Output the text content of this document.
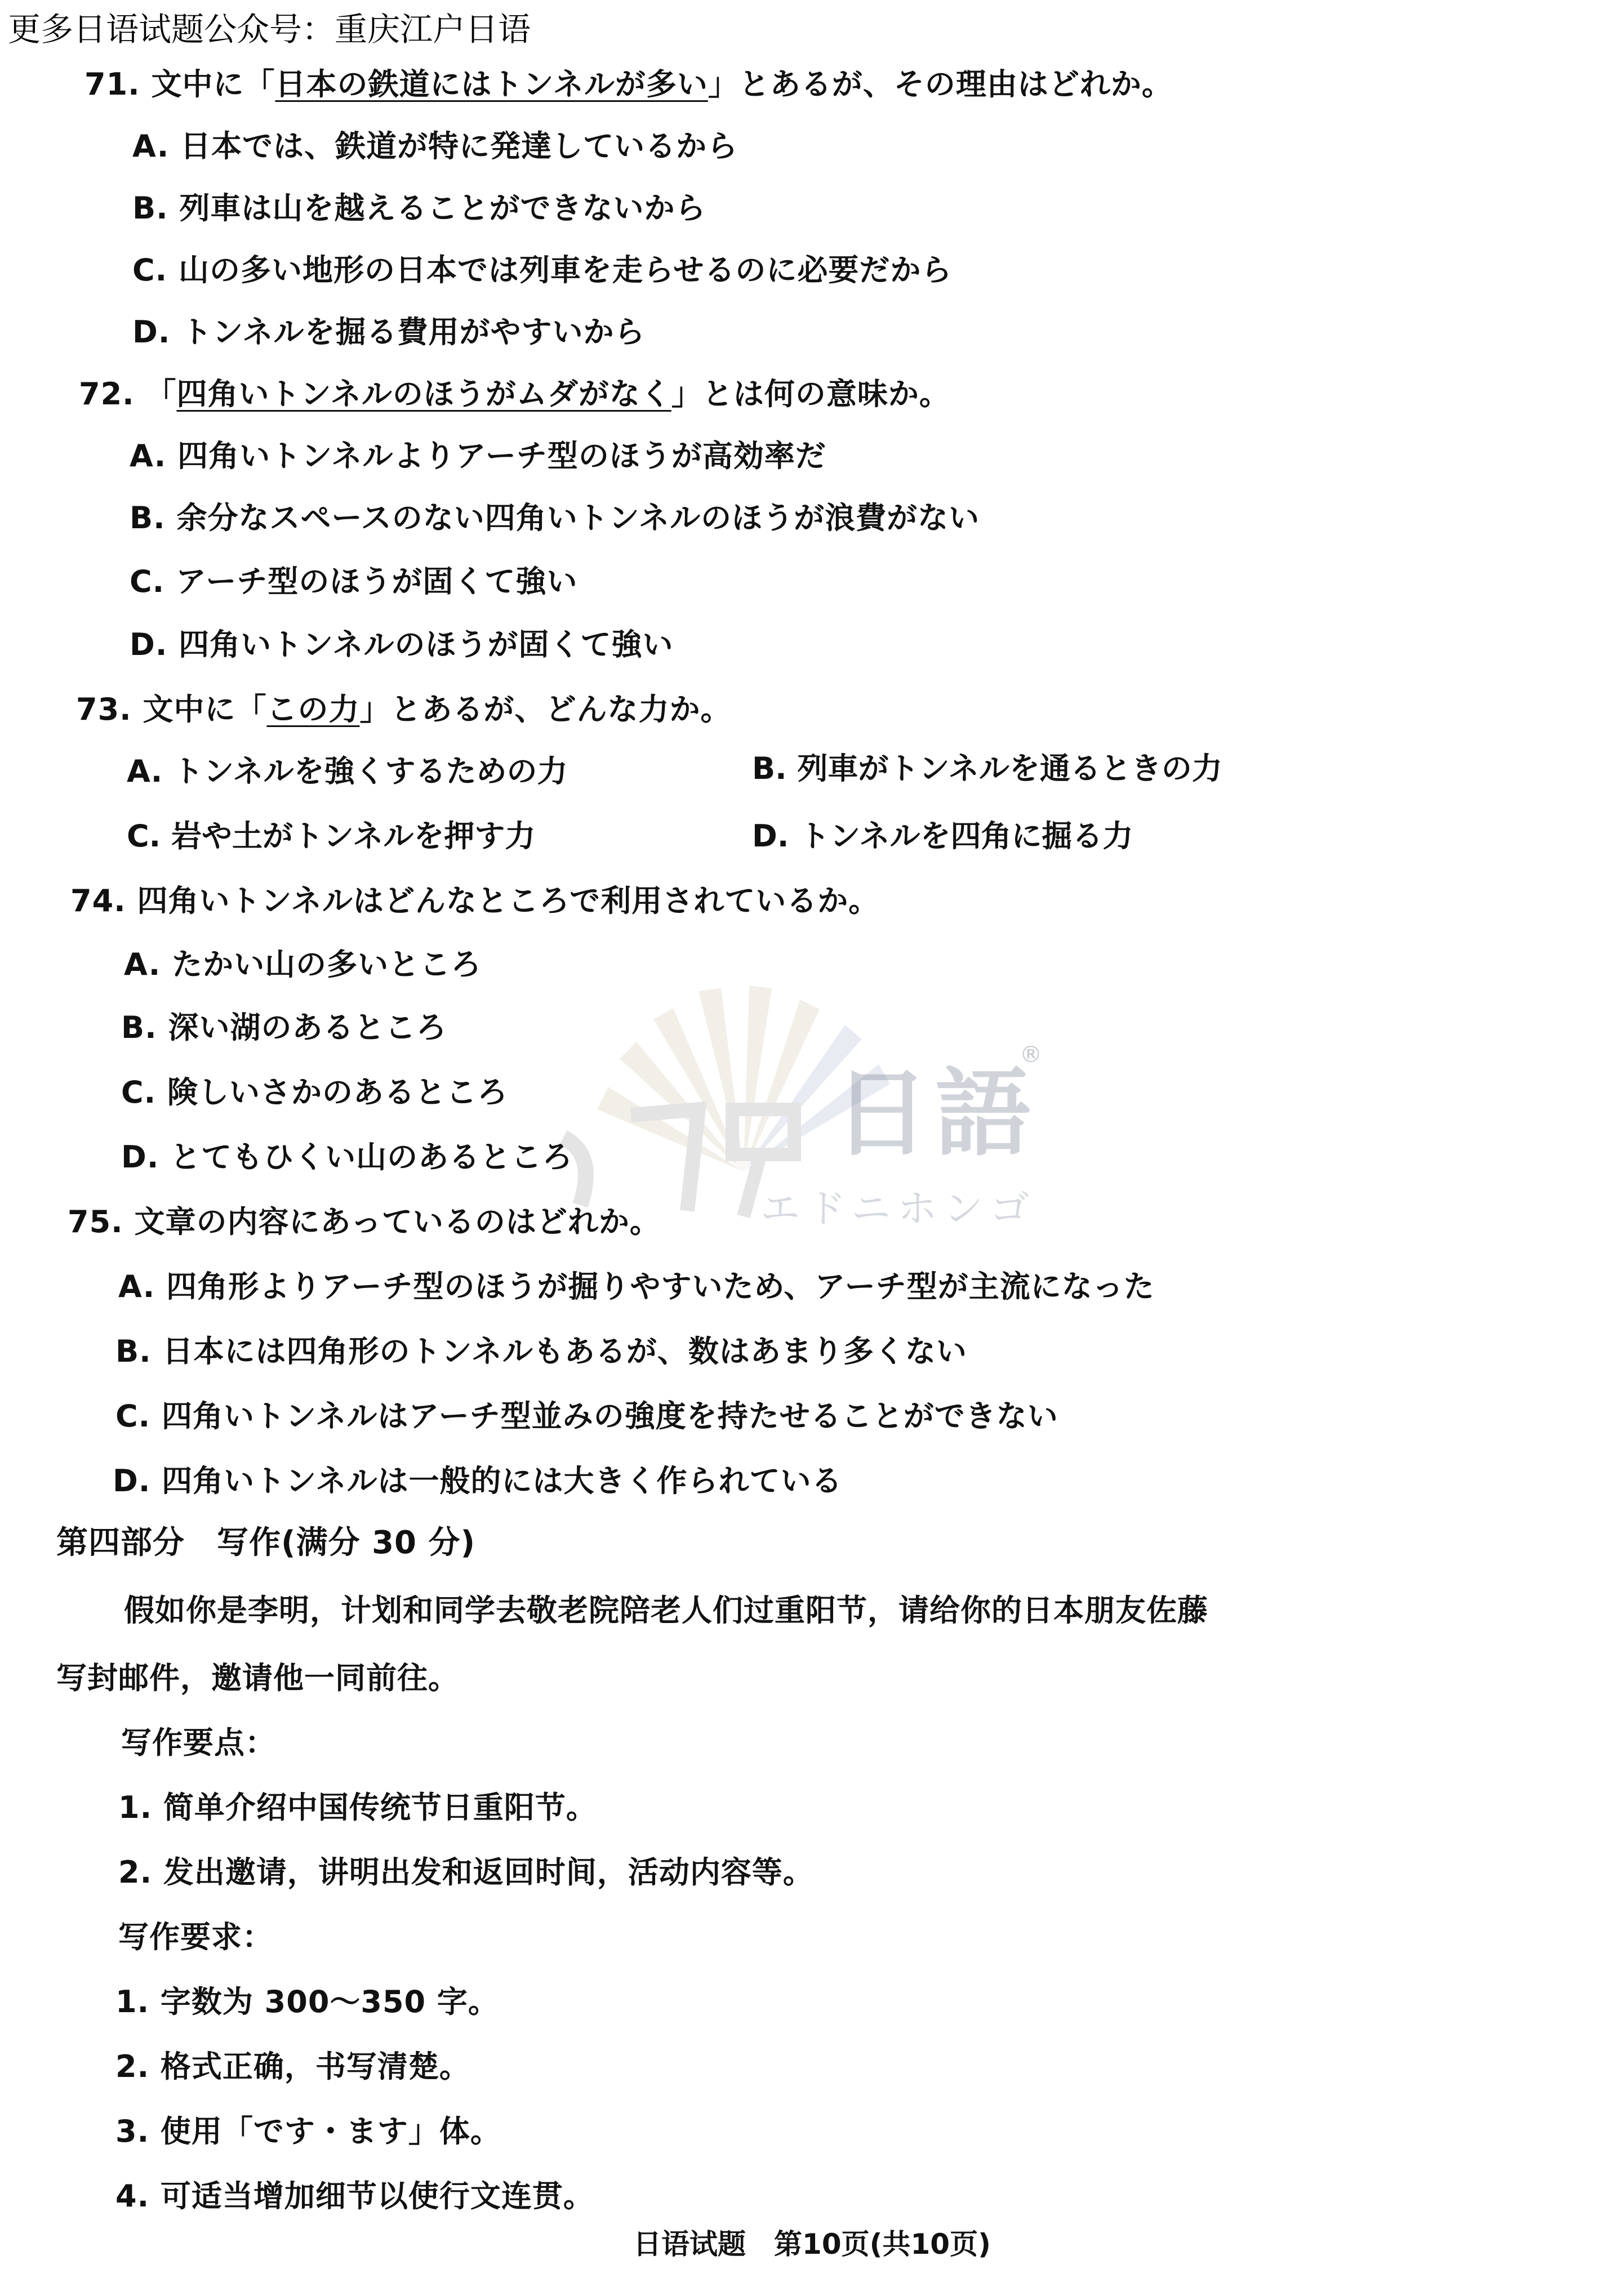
更多日语试题公众号：重庆江户日语
日語
®
エドニホンゴ
71. 文中に「日本の鉄道にはトンネルが多い」とあるが、その理由はどれか。
A. 日本では、鉄道が特に発達しているから
B. 列車は山を越えることができないから
C. 山の多い地形の日本では列車を走らせるのに必要だから
D. トンネルを掘る費用がやすいから
72. 「四角いトンネルのほうがムダがなく」とは何の意味か。
A. 四角いトンネルよりアーチ型のほうが高効率だ
B. 余分なスペースのない四角いトンネルのほうが浪費がない
C. アーチ型のほうが固くて強い
D. 四角いトンネルのほうが固くて強い
73. 文中に「この力」とあるが、どんな力か。
A. トンネルを強くするための力	B. 列車がトンネルを通るときの力
C. 岩や土がトンネルを押す力	D. トンネルを四角に掘る力
74. 四角いトンネルはどんなところで利用されているか。
A. たかい山の多いところ
B. 深い湖のあるところ
C. 険しいさかのあるところ
D. とてもひくい山のあるところ
75. 文章の内容にあっているのはどれか。
A. 四角形よりアーチ型のほうが掘りやすいため、アーチ型が主流になった
B. 日本には四角形のトンネルもあるが、数はあまり多くない
C. 四角いトンネルはアーチ型並みの強度を持たせることができない
D. 四角いトンネルは一般的には大きく作られている
第四部分　写作(满分 30 分)
假如你是李明，计划和同学去敬老院陪老人们过重阳节，请给你的日本朋友佐藤
写封邮件，邀请他一同前往。
写作要点：
1. 简单介绍中国传统节日重阳节。
2. 发出邀请，讲明出发和返回时间，活动内容等。
写作要求：
1. 字数为 300～350 字。
2. 格式正确，书写清楚。
3. 使用「です・ます」体。
4. 可适当增加细节以使行文连贯。
日语试题　第10页(共10页)
